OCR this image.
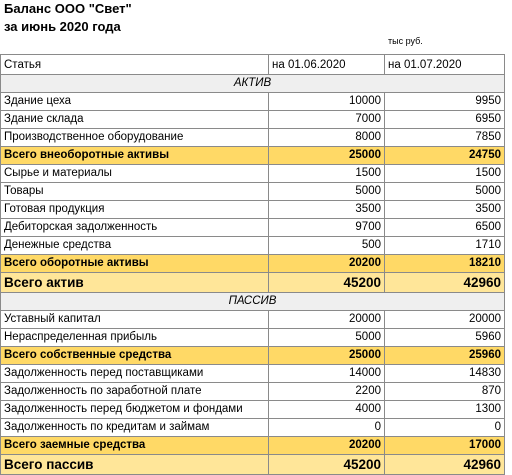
Баланс ООО "Свет"
за июнь 2020 года
тыс руб.
Статья	на 01.06.2020	на 01.07.2020
АКТИВ		
Здание цеха	10000	9950
Здание склада	7000	6950
Производственное оборудование	8000	7850
Всего внеоборотные активы	25000	24750
Сырье и материалы	1500	1500
Товары	5000	5000
Готовая продукция	3500	3500
Дебиторская задолженность	9700	6500
Денежные средства	500	1710
Всего оборотные активы	20200	18210
Всего актив	45200	42960
ПАССИВ		
Уставный капитал	20000	20000
Нераспределенная прибыль	5000	5960
Всего собственные средства	25000	25960
Задолженность перед поставщиками	14000	14830
Задолженность по заработной плате	2200	870
Задолженность перед бюджетом и фондами	4000	1300
Задолженность по кредитам и займам	0	0
Всего заемные средства	20200	17000
Всего пассив	45200	42960
